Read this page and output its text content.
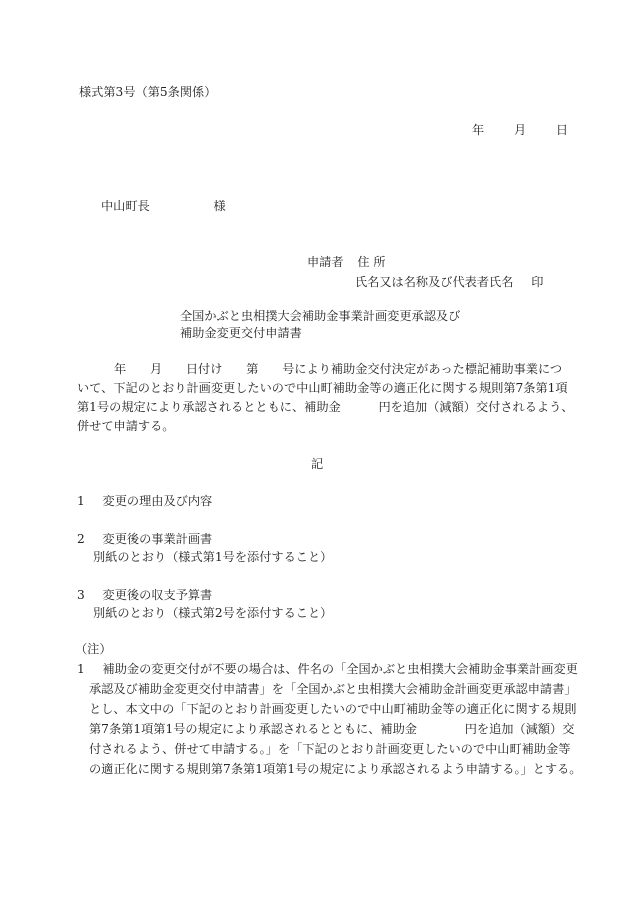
様式第3号（第5条関係）
年 月 日
中山町長	様
申請者 住 所
氏名又は名称及び代表者氏名 印
全国かぶと虫相撲大会補助金事業計画変更承認及び
補助金変更交付申請書
年 月 日付け 第 号により補助金交付決定があった標記補助事業につ
いて、下記のとおり計画変更したいので中山町補助金等の適正化に関する規則第7条第1項
第1号の規定により承認されるとともに、補助金	円を追加（減額）交付されるよう、
併せて申請する。
記
1 変更の理由及び内容
2 変更後の事業計画書
別紙のとおり（様式第1号を添付すること）
3 変更後の収支予算書
別紙のとおり（様式第2号を添付すること）
（注）
1 補助金の変更交付が不要の場合は、件名の「全国かぶと虫相撲大会補助金事業計画変更
承認及び補助金変更交付申請書」を「全国かぶと虫相撲大会補助金計画変更承認申請書」
とし、本文中の「下記のとおり計画変更したいので中山町補助金等の適正化に関する規則
第7条第1項第1号の規定により承認されるとともに、補助金	円を追加（減額）交
付されるよう、併せて申請する。」を「下記のとおり計画変更したいので中山町補助金等
の適正化に関する規則第7条第1項第1号の規定により承認されるよう申請する。」とする。
